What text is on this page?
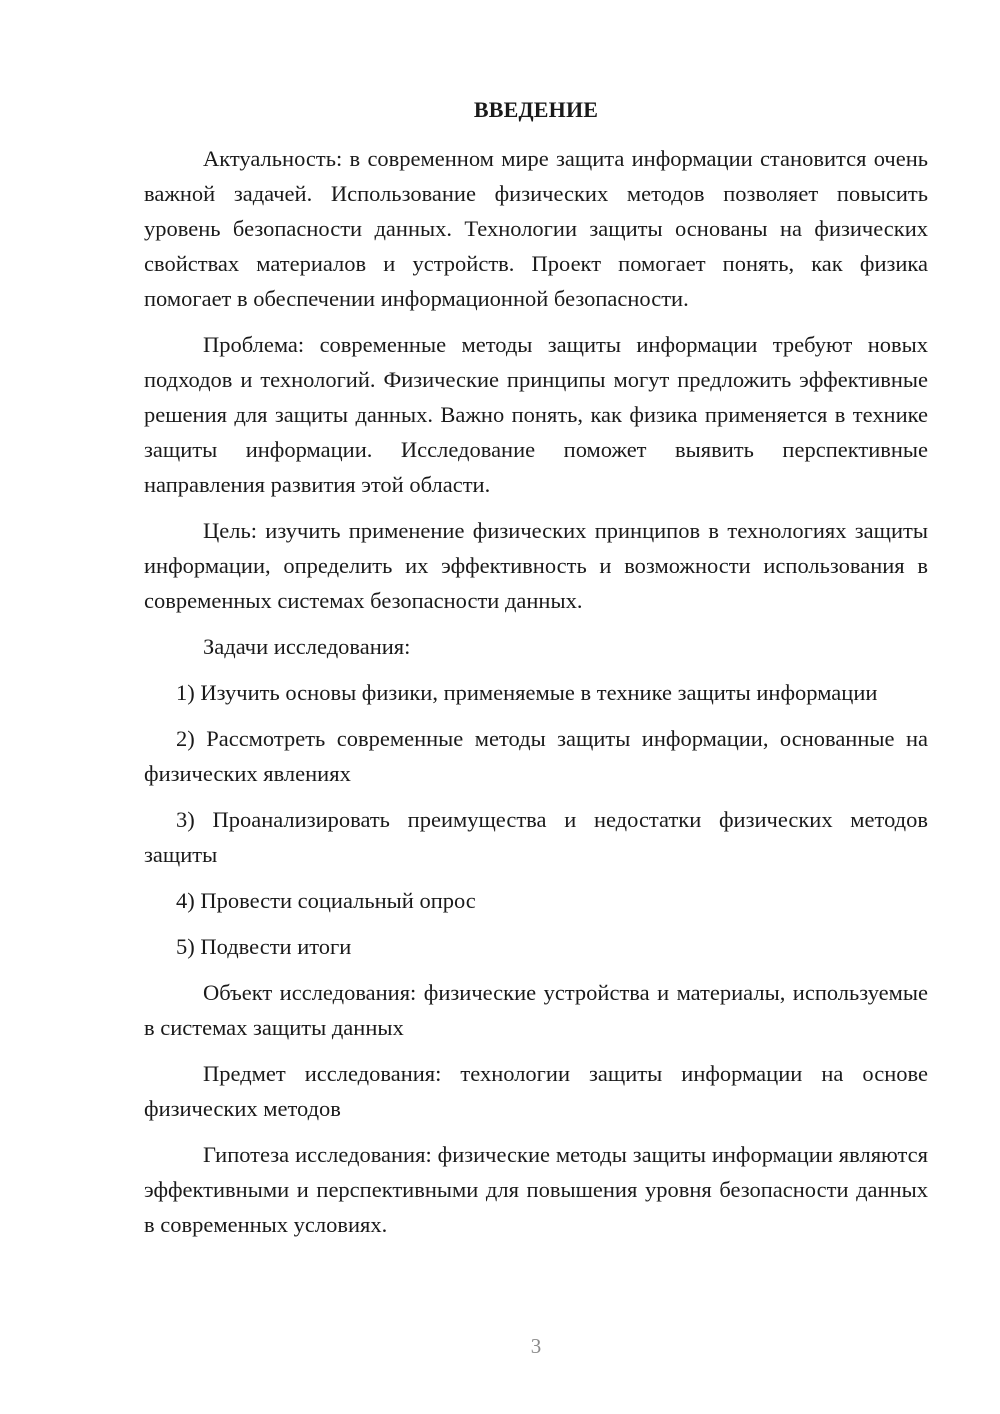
ВВЕДЕНИЕ

Актуальность: в современном мире защита информации становится очень важной задачей. Использование физических методов позволяет повысить уровень безопасности данных. Технологии защиты основаны на физических свойствах материалов и устройств. Проект помогает понять, как физика помогает в обеспечении информационной безопасности.

Проблема: современные методы защиты информации требуют новых подходов и технологий. Физические принципы могут предложить эффективные решения для защиты данных. Важно понять, как физика применяется в технике защиты информации. Исследование поможет выявить перспективные направления развития этой области.

Цель: изучить применение физических принципов в технологиях защиты информации, определить их эффективность и возможности использования в современных системах безопасности данных.

Задачи исследования:

1) Изучить основы физики, применяемые в технике защиты информации

2) Рассмотреть современные методы защиты информации, основанные на физических явлениях

3) Проанализировать преимущества и недостатки физических методов защиты

4) Провести социальный опрос

5) Подвести итоги

Объект исследования: физические устройства и материалы, используемые в системах защиты данных

Предмет исследования: технологии защиты информации на основе физических методов

Гипотеза исследования: физические методы защиты информации являются эффективными и перспективными для повышения уровня безопасности данных в современных условиях.

3
